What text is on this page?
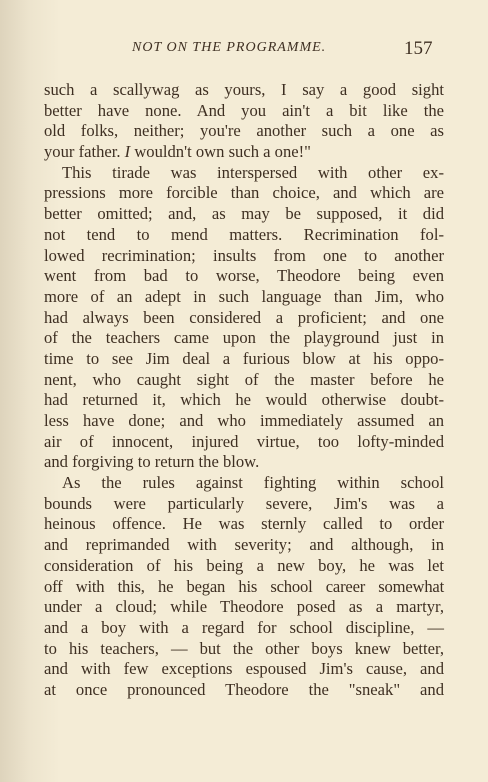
NOT ON THE PROGRAMME.	157
such a scallywag as yours, I say a good sight
better have none. And you ain't a bit like the
old folks, neither; you're another such a one as
your father. I wouldn't own such a one!"
This tirade was interspersed with other ex-
pressions more forcible than choice, and which are
better omitted; and, as may be supposed, it did
not tend to mend matters. Recrimination fol-
lowed recrimination; insults from one to another
went from bad to worse, Theodore being even
more of an adept in such language than Jim, who
had always been considered a proficient; and one
of the teachers came upon the playground just in
time to see Jim deal a furious blow at his oppo-
nent, who caught sight of the master before he
had returned it, which he would otherwise doubt-
less have done; and who immediately assumed an
air of innocent, injured virtue, too lofty-minded
and forgiving to return the blow.
As the rules against fighting within school
bounds were particularly severe, Jim's was a
heinous offence. He was sternly called to order
and reprimanded with severity; and although, in
consideration of his being a new boy, he was let
off with this, he began his school career somewhat
under a cloud; while Theodore posed as a martyr,
and a boy with a regard for school discipline, —
to his teachers, — but the other boys knew better,
and with few exceptions espoused Jim's cause, and
at once pronounced Theodore the "sneak" and
